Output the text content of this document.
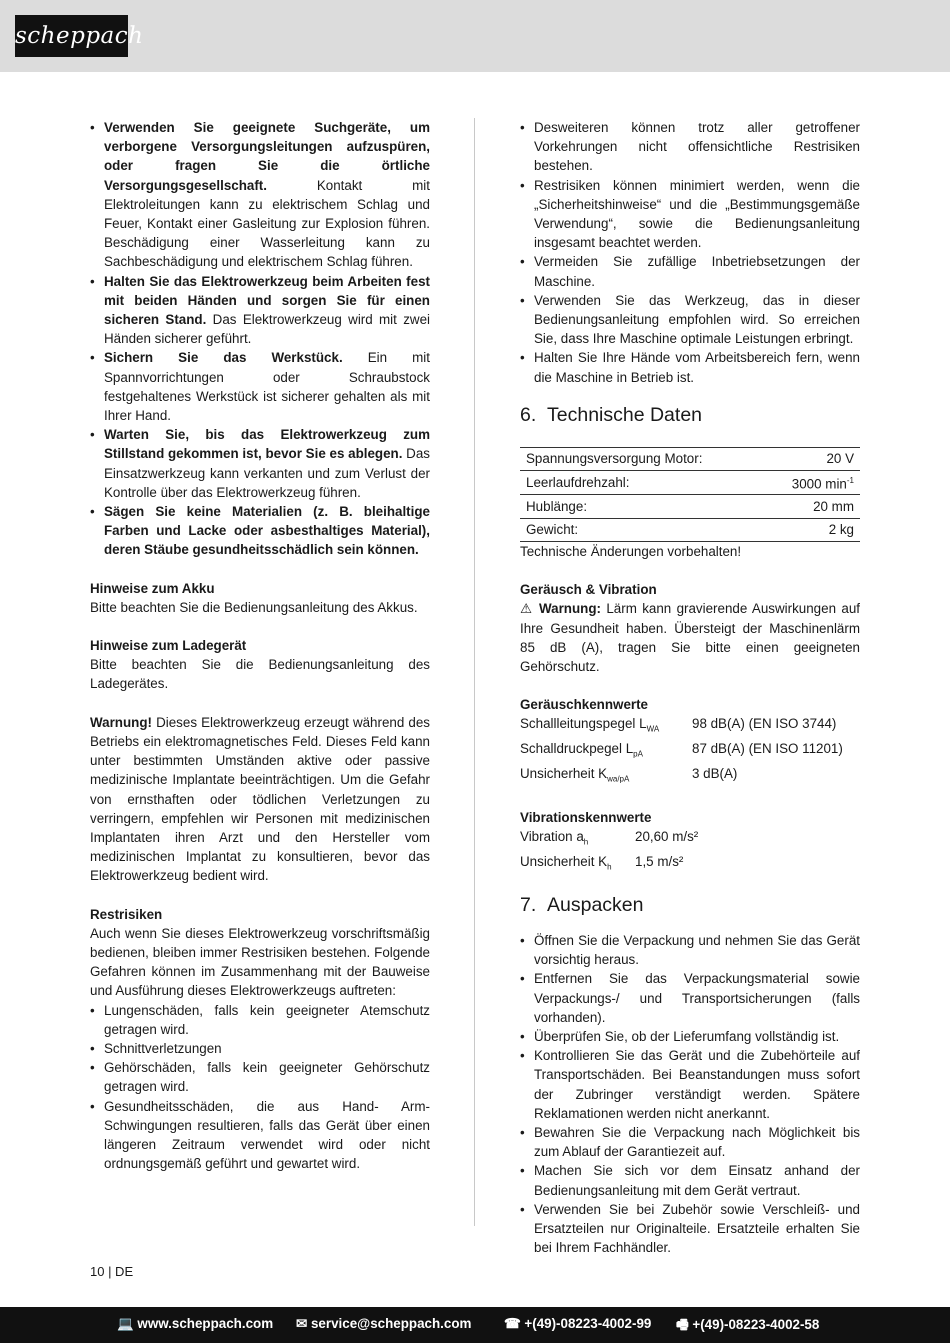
scheppach
• Verwenden Sie geeignete Suchgeräte, um verborgene Versorgungsleitungen aufzuspüren, oder fragen Sie die örtliche Versorgungsgesellschaft. Kontakt mit Elektroleitungen kann zu elektrischem Schlag und Feuer, Kontakt einer Gasleitung zur Explosion führen. Beschädigung einer Wasserleitung kann zu Sachbeschädigung und elektrischem Schlag führen.
• Halten Sie das Elektrowerkzeug beim Arbeiten fest mit beiden Händen und sorgen Sie für einen sicheren Stand. Das Elektrowerkzeug wird mit zwei Händen sicherer geführt.
• Sichern Sie das Werkstück. Ein mit Spannvorrichtungen oder Schraubstock festgehaltenes Werkstück ist sicherer gehalten als mit Ihrer Hand.
• Warten Sie, bis das Elektrowerkzeug zum Stillstand gekommen ist, bevor Sie es ablegen. Das Einsatzwerkzeug kann verkanten und zum Verlust der Kontrolle über das Elektrowerkzeug führen.
• Sägen Sie keine Materialien (z. B. bleihaltige Farben und Lacke oder asbesthaltiges Material), deren Stäube gesundheitsschädlich sein können.
Hinweise zum Akku

Bitte beachten Sie die Bedienungsanleitung des Akkus.

Hinweise zum Ladegerät

Bitte beachten Sie die Bedienungsanleitung des Ladegerätes.

Warnung! Dieses Elektrowerkzeug erzeugt während des Betriebs ein elektromagnetisches Feld. Dieses Feld kann unter bestimmten Umständen aktive oder passive medizinische Implantate beeinträchtigen. Um die Gefahr von ernsthaften oder tödlichen Verletzungen zu verringern, empfehlen wir Personen mit medizinischen Implantaten ihren Arzt und den Hersteller vom medizinischen Implantat zu konsultieren, bevor das Elektrowerkzeug bedient wird.

Restrisiken

Auch wenn Sie dieses Elektrowerkzeug vorschriftsmäßig bedienen, bleiben immer Restrisiken bestehen. Folgende Gefahren können im Zusammenhang mit der Bauweise und Ausführung dieses Elektrowerkzeugs auftreten:

• Lungenschäden, falls kein geeigneter Atemschutz getragen wird.
• Schnittverletzungen
• Gehörschäden, falls kein geeigneter Gehörschutz getragen wird.
• Gesundheitsschäden, die aus Hand- Arm-Schwingungen resultieren, falls das Gerät über einen längeren Zeitraum verwendet wird oder nicht ordnungsgemäß geführt und gewartet wird.
• Desweiteren können trotz aller getroffener Vorkehrungen nicht offensichtliche Restrisiken bestehen.
• Restrisiken können minimiert werden, wenn die „Sicherheitshinweise“ und die „Bestimmungsgemäße Verwendung“, sowie die Bedienungsanleitung insgesamt beachtet werden.
• Vermeiden Sie zufällige Inbetriebsetzungen der Maschine.
• Verwenden Sie das Werkzeug, das in dieser Bedienungsanleitung empfohlen wird. So erreichen Sie, dass Ihre Maschine optimale Leistungen erbringt.
• Halten Sie Ihre Hände vom Arbeitsbereich fern, wenn die Maschine in Betrieb ist.
6. Technische Daten
Spannungsversorgung Motor:	20 V
Leerlaufdrehzahl:	3000 $\min^{-1}$
Hublänge:	20 mm
Gewicht:	2 kg

Technische Änderungen vorbehalten!

Geräusch & Vibration

⚠ Warnung: Lärm kann gravierende Auswirkungen auf Ihre Gesundheit haben. Übersteigt der Maschinenlärm 85 dB (A), tragen Sie bitte einen geeigneten Gehörschutz.

Geräuschkennwerte
Schallleitungspegel $L_{WA}$	98 dB(A) (EN ISO 3744)
Schalldruckpegel $L_{pA}$	87 dB(A) (EN ISO 11201)
Unsicherheit $K_{wa/pA}$	3 dB(A)
Vibrationskennwerte
Vibration $a_h$	20,60 m/s²
Unsicherheit $K_h$	1,5 m/s²
7. Auspacken
• Öffnen Sie die Verpackung und nehmen Sie das Gerät vorsichtig heraus.
• Entfernen Sie das Verpackungsmaterial sowie Verpackungs-/ und Transportsicherungen (falls vorhanden).
• Überprüfen Sie, ob der Lieferumfang vollständig ist.
• Kontrollieren Sie das Gerät und die Zubehörteile auf Transportschäden. Bei Beanstandungen muss sofort der Zubringer verständigt werden. Spätere Reklamationen werden nicht anerkannt.
• Bewahren Sie die Verpackung nach Möglichkeit bis zum Ablauf der Garantiezeit auf.
• Machen Sie sich vor dem Einsatz anhand der Bedienungsanleitung mit dem Gerät vertraut.
• Verwenden Sie bei Zubehör sowie Verschleiß- und Ersatzteilen nur Originalteile. Ersatzteile erhalten Sie bei Ihrem Fachhändler.
10 | DE
💻 www.scheppach.com ✉ service@scheppach.com ☎ +(49)-08223-4002-99 🖷 +(49)-08223-4002-58
